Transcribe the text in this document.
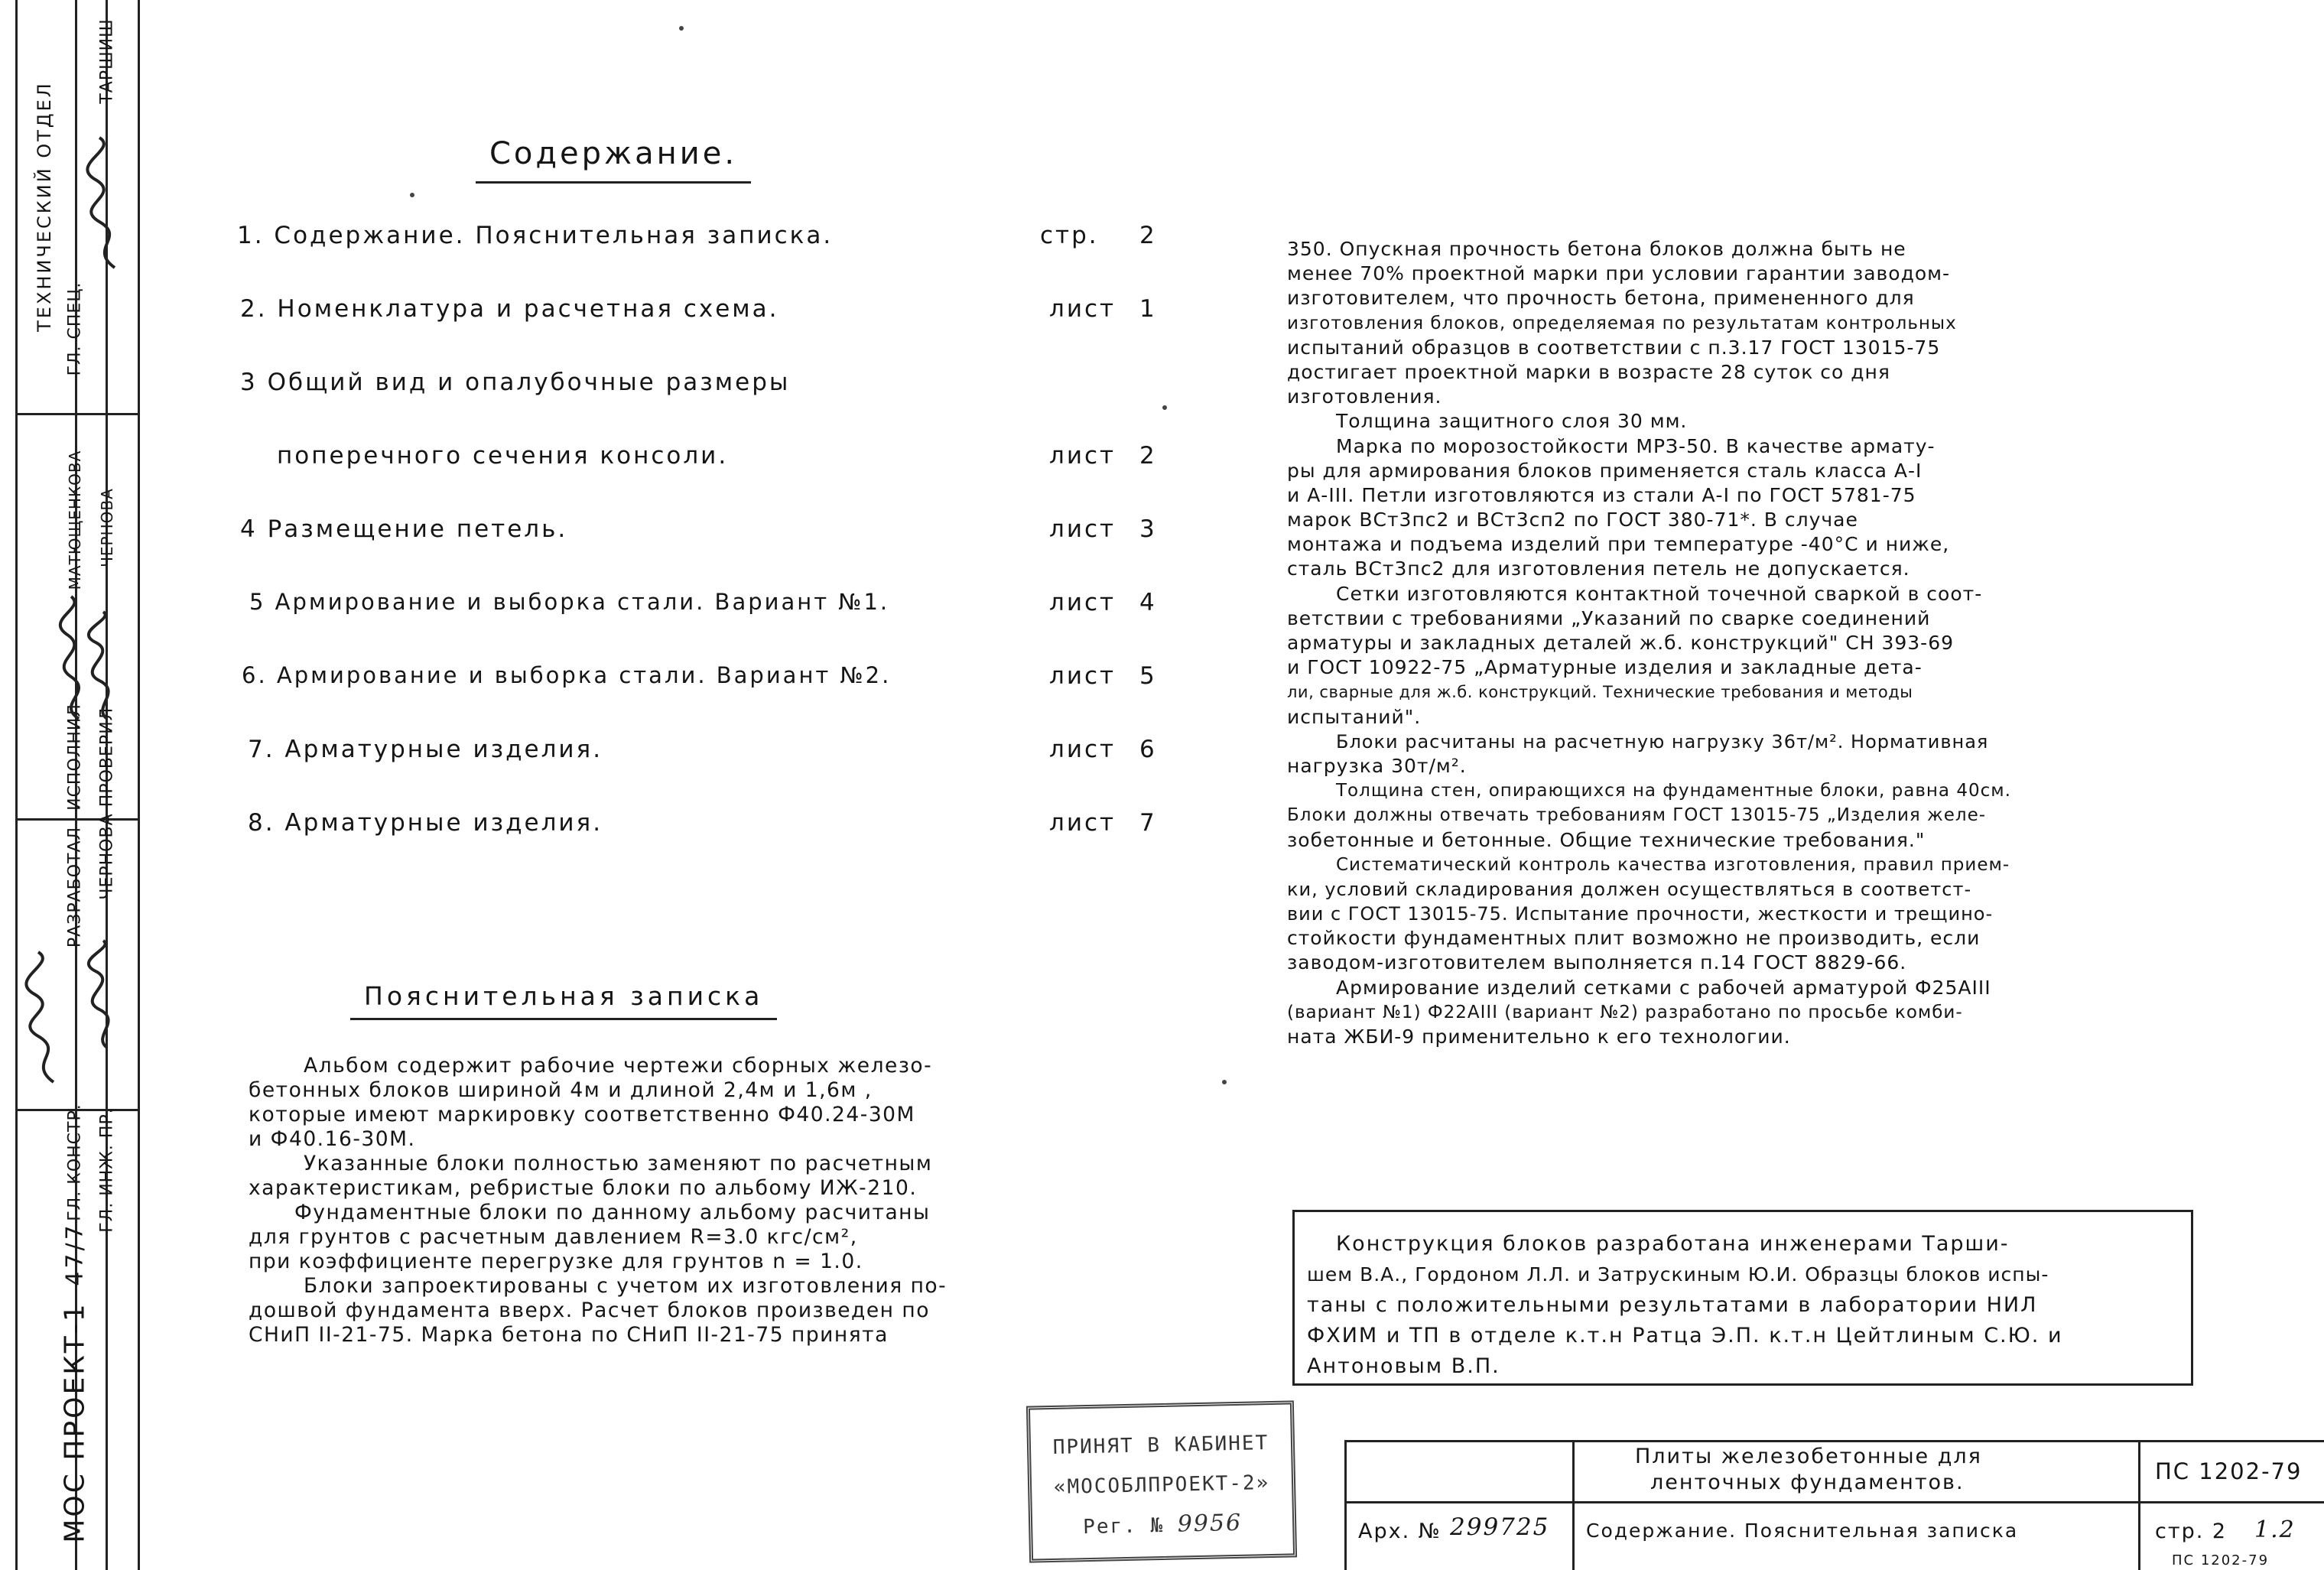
ТЕХНИЧЕСКИЙ ОТДЕЛ
ТАРШИШ
МАТЮЩЕНКОВА ЧЕРНОВА
ЧЕРНОВА
ГЛ. СПЕЦ.
ИСПОЛНИЛ ПРОВЕРИЛ
РАЗРАБОТАЛ
ГЛ. КОНСТР. ГЛ. ИНЖ. ПР.
47/7
МОС ПРОЕКТ-1
Содержание.
1. Содержание. Пояснительная записка.	стр. 2
2. Номенклатура и расчетная схема.	лист 1
3 Общий вид и опалубочные размеры
поперечного сечения консоли.	лист 2
4 Размещение петель.	лист 3
5 Армирование и выборка стали. Вариант №1.	лист 4
6. Армирование и выборка стали. Вариант №2.	лист 5
7. Арматурные изделия.	лист 6
8. Арматурные изделия.	лист 7
Пояснительная записка
Альбом содержит рабочие чертежи сборных железо-
бетонных блоков шириной 4м и длиной 2,4м и 1,6м ,
которые имеют маркировку соответственно Ф40.24-30М
и Ф40.16-30М.
Указанные блоки полностью заменяют по расчетным
характеристикам, ребристые блоки по альбому ИЖ-210.
Фундаментные блоки по данному альбому расчитаны
для грунтов с расчетным давлением R=3.0 кгс/см²,
при коэффициенте перегрузке для грунтов n = 1.0.
Блоки запроектированы с учетом их изготовления по-
дошвой фундамента вверх. Расчет блоков произведен по
СНиП II-21-75. Марка бетона по СНиП II-21-75 принята
350. Опускная прочность бетона блоков должна быть не
менее 70% проектной марки при условии гарантии заводом-
изготовителем, что прочность бетона, примененного для
изготовления блоков, определяемая по результатам контрольных
испытаний образцов в соответствии с п.3.17 ГОСТ 13015-75
достигает проектной марки в возрасте 28 суток со дня
изготовления.
Толщина защитного слоя 30 мм.
Марка по морозостойкости МРЗ-50. В качестве армату-
ры для армирования блоков применяется сталь класса А-I
и А-III. Петли изготовляются из стали А-I по ГОСТ 5781-75
марок ВСт3пс2 и ВСт3сп2 по ГОСТ 380-71*. В случае
монтажа и подъема изделий при температуре -40°С и ниже,
сталь ВСт3пс2 для изготовления петель не допускается.
Сетки изготовляются контактной точечной сваркой в соот-
ветствии с требованиями „Указаний по сварке соединений
арматуры и закладных деталей ж.б. конструкций" СН 393-69
и ГОСТ 10922-75 „Арматурные изделия и закладные дета-
ли, сварные для ж.б. конструкций. Технические требования и методы
испытаний".
Блоки расчитаны на расчетную нагрузку 36т/м². Нормативная
нагрузка 30т/м².
Толщина стен, опирающихся на фундаментные блоки, равна 40см.
Блоки должны отвечать требованиям ГОСТ 13015-75 „Изделия желе-
зобетонные и бетонные. Общие технические требования."
Систематический контроль качества изготовления, правил прием-
ки, условий складирования должен осуществляться в соответст-
вии с ГОСТ 13015-75. Испытание прочности, жесткости и трещино-
стойкости фундаментных плит возможно не производить, если
заводом-изготовителем выполняется п.14 ГОСТ 8829-66.
Армирование изделий сетками с рабочей арматурой Ф25АIII
(вариант №1) Ф22АIII (вариант №2) разработано по просьбе комби-
ната ЖБИ-9 применительно к его технологии.
Конструкция блоков разработана инженерами Тарши-
шем В.А., Гордоном Л.Л. и Затрускиным Ю.И. Образцы блоков испы-
таны с положительными результатами в лаборатории НИЛ
ФХИМ и ТП в отделе к.т.н Ратца Э.П. к.т.н Цейтлиным С.Ю. и
Антоновым В.П.
ПРИНЯТ В КАБИНЕТ
«МОСОБЛПРОЕКТ-2»
Рег. № 9956
Плиты железобетонные для
ленточных фундаментов.	ПС 1202-79
Арх. № 299725 Содержание. Пояснительная записка	стр. 2 1.2
ПС 1202-79
